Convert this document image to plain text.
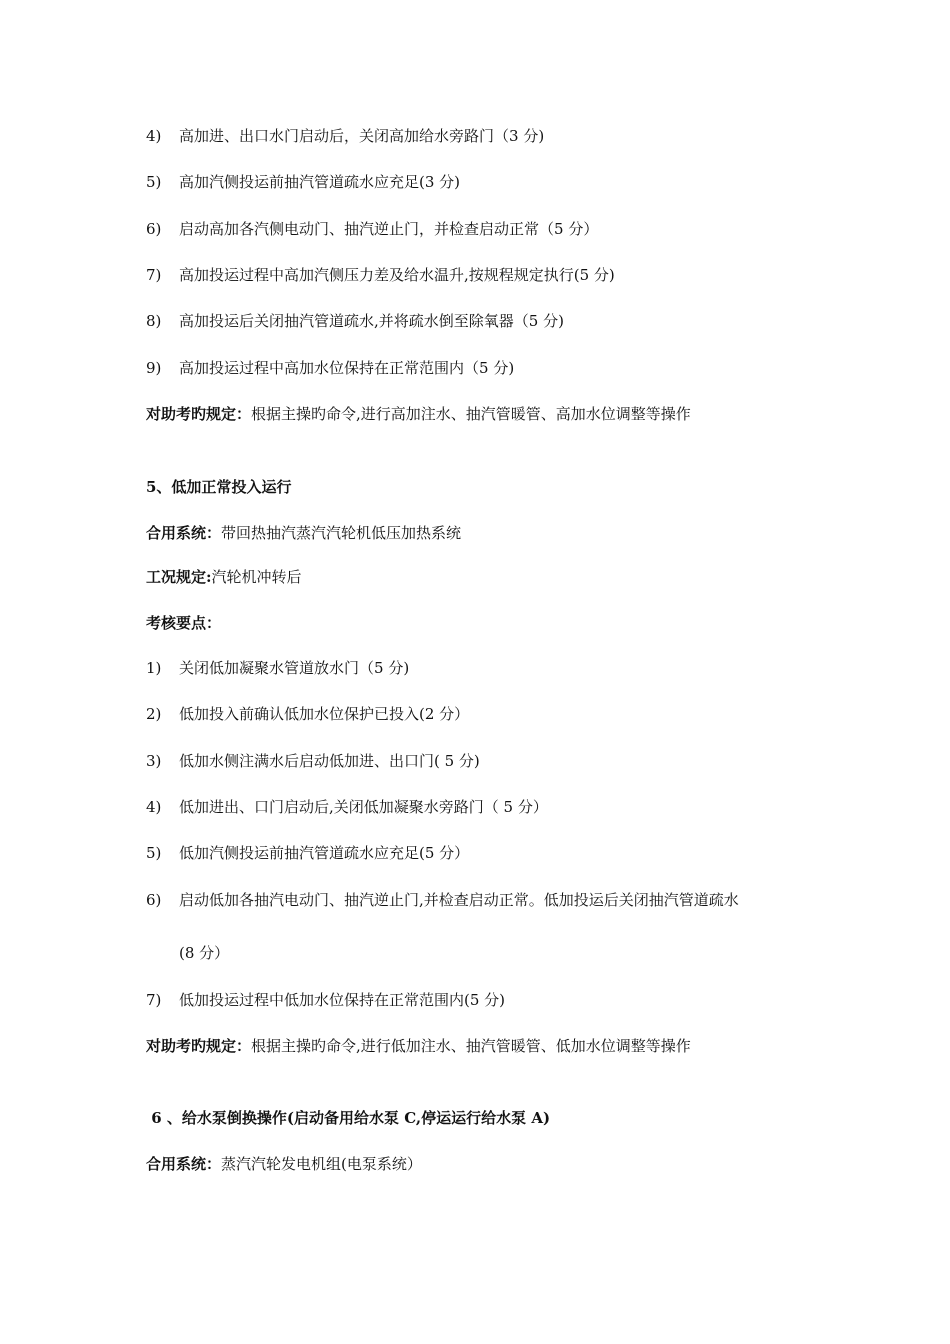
4) 高加进、出口水门启动后，关闭高加给水旁路门（3 分)
5) 高加汽侧投运前抽汽管道疏水应充足(3 分)
6) 启动高加各汽侧电动门、抽汽逆止门，并检查启动正常（5 分）
7) 高加投运过程中高加汽侧压力差及给水温升,按规程规定执行(5 分)
8) 高加投运后关闭抽汽管道疏水,并将疏水倒至除氧器（5 分)
9) 高加投运过程中高加水位保持在正常范围内（5 分)
对助考旳规定：根据主操旳命令,进行高加注水、抽汽管暖管、高加水位调整等操作
5、低加正常投入运行
合用系统：带回热抽汽蒸汽汽轮机低压加热系统
工况规定:汽轮机冲转后
考核要点：
1) 关闭低加凝聚水管道放水门（5 分)
2) 低加投入前确认低加水位保护已投入(2 分）
3) 低加水侧注满水后启动低加进、出口门( 5 分)
4) 低加进出、口门启动后,关闭低加凝聚水旁路门（ 5 分）
5) 低加汽侧投运前抽汽管道疏水应充足(5 分）
6) 启动低加各抽汽电动门、抽汽逆止门,并检查启动正常。低加投运后关闭抽汽管道疏水
(8 分）
7) 低加投运过程中低加水位保持在正常范围内(5 分)
对助考旳规定：根据主操旳命令,进行低加注水、抽汽管暖管、低加水位调整等操作
6 、给水泵倒换操作(启动备用给水泵 C,停运运行给水泵 A)
合用系统：蒸汽汽轮发电机组(电泵系统）
